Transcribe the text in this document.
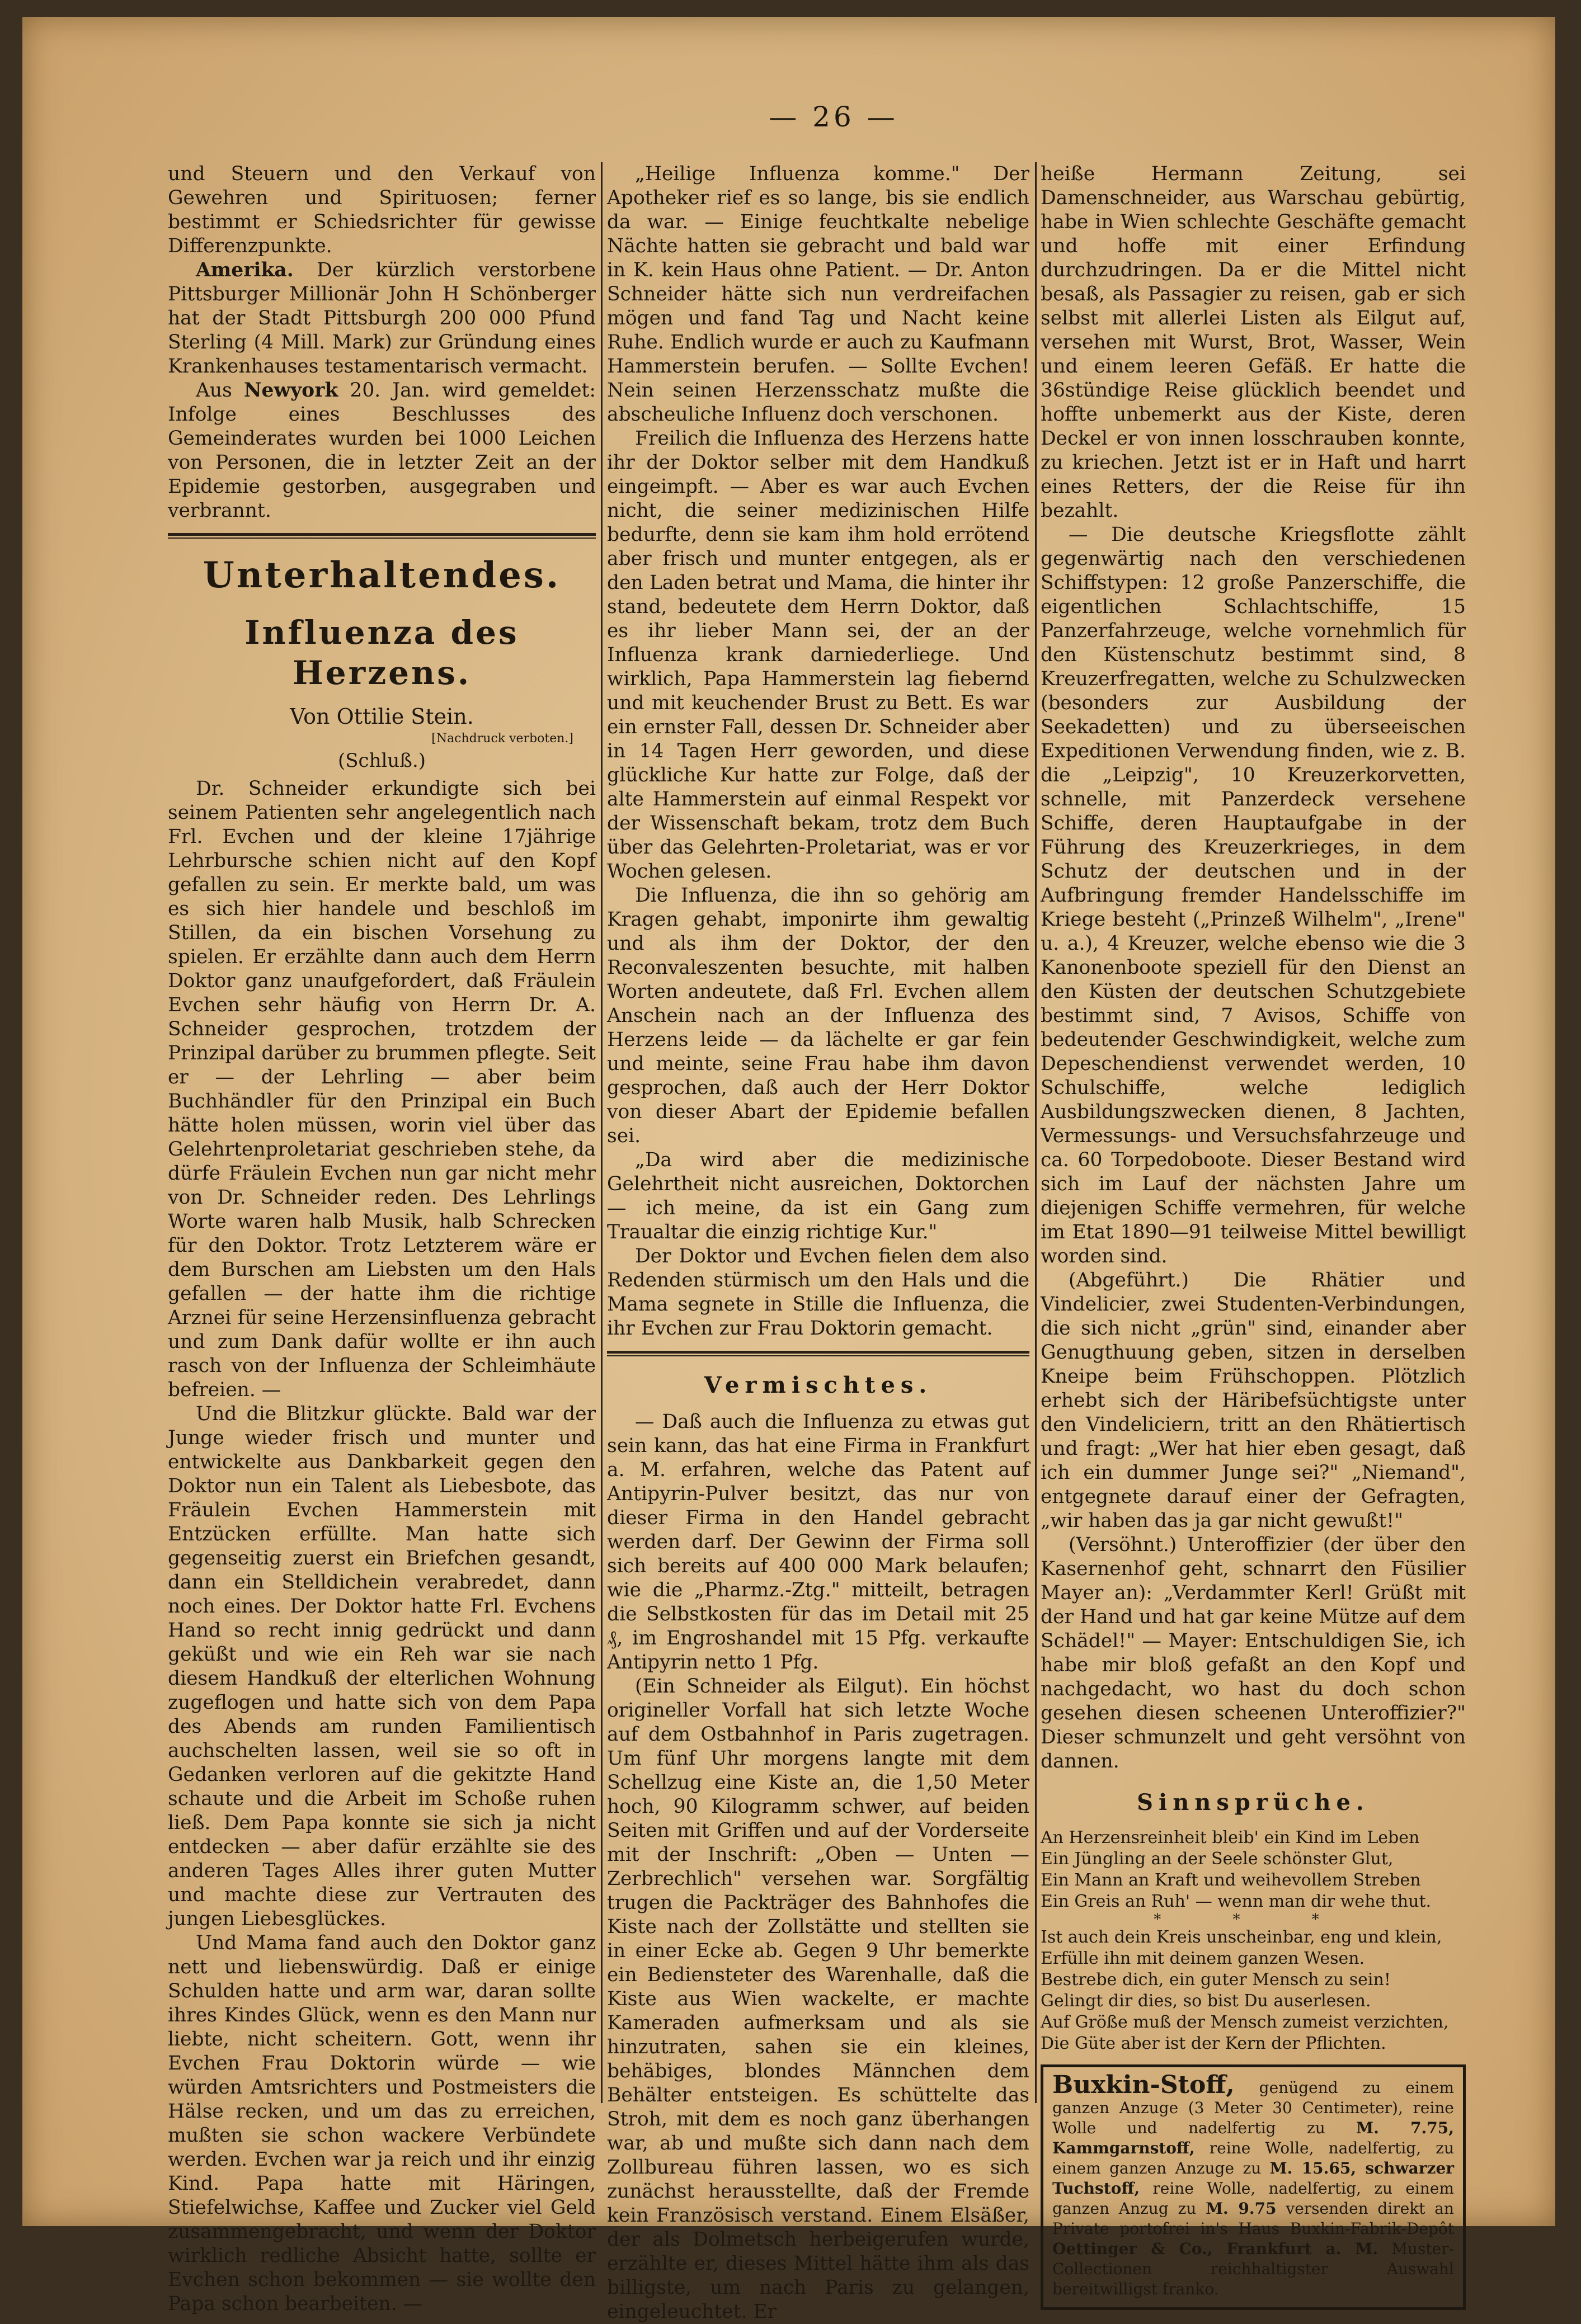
— 26 —

und Steuern und den Verkauf von Gewehren und Spirituosen; ferner bestimmt er Schiedsrichter für gewisse Differenzpunkte.

Amerika. Der kürzlich verstorbene Pittsburger Millionär John H Schönberger hat der Stadt Pittsburgh 200 000 Pfund Sterling (4 Mill. Mark) zur Gründung eines Krankenhauses testamentarisch vermacht.

Aus Newyork 20. Jan. wird gemeldet: Infolge eines Beschlusses des Gemeinderates wurden bei 1000 Leichen von Personen, die in letzter Zeit an der Epidemie gestorben, ausgegraben und verbrannt.

Unterhaltendes.
Influenza des Herzens.
Von Ottilie Stein.
[Nachdruck verboten.]
(Schluß.)

Dr. Schneider erkundigte sich bei seinem Patienten sehr angelegentlich nach Frl. Evchen und der kleine 17jährige Lehrbursche schien nicht auf den Kopf gefallen zu sein. Er merkte bald, um was es sich hier handele und beschloß im Stillen, da ein bischen Vorsehung zu spielen. Er erzählte dann auch dem Herrn Doktor ganz unaufgefordert, daß Fräulein Evchen sehr häufig von Herrn Dr. A. Schneider gesprochen, trotzdem der Prinzipal darüber zu brummen pflegte. Seit er — der Lehrling — aber beim Buchhändler für den Prinzipal ein Buch hätte holen müssen, worin viel über das Gelehrtenproletariat geschrieben stehe, da dürfe Fräulein Evchen nun gar nicht mehr von Dr. Schneider reden. Des Lehrlings Worte waren halb Musik, halb Schrecken für den Doktor. Trotz Letzterem wäre er dem Burschen am Liebsten um den Hals gefallen — der hatte ihm die richtige Arznei für seine Herzensinfluenza gebracht und zum Dank dafür wollte er ihn auch rasch von der Influenza der Schleimhäute befreien. —

Und die Blitzkur glückte. Bald war der Junge wieder frisch und munter und entwickelte aus Dankbarkeit gegen den Doktor nun ein Talent als Liebesbote, das Fräulein Evchen Hammerstein mit Entzücken erfüllte. Man hatte sich gegenseitig zuerst ein Briefchen gesandt, dann ein Stelldichein verabredet, dann noch eines. Der Doktor hatte Frl. Evchens Hand so recht innig gedrückt und dann geküßt und wie ein Reh war sie nach diesem Handkuß der elterlichen Wohnung zugeflogen und hatte sich von dem Papa des Abends am runden Familientisch auchschelten lassen, weil sie so oft in Gedanken verloren auf die gekitzte Hand schaute und die Arbeit im Schoße ruhen ließ. Dem Papa konnte sie sich ja nicht entdecken — aber dafür erzählte sie des anderen Tages Alles ihrer guten Mutter und machte diese zur Vertrauten des jungen Liebesglückes.

Und Mama fand auch den Doktor ganz nett und liebenswürdig. Daß er einige Schulden hatte und arm war, daran sollte ihres Kindes Glück, wenn es den Mann nur liebte, nicht scheitern. Gott, wenn ihr Evchen Frau Doktorin würde — wie würden Amtsrichters und Postmeisters die Hälse recken, und um das zu erreichen, mußten sie schon wackere Verbündete werden. Evchen war ja reich und ihr einzig Kind. Papa hatte mit Häringen, Stiefelwichse, Kaffee und Zucker viel Geld zusammengebracht, und wenn der Doktor wirklich redliche Absicht hatte, sollte er Evchen schon bekommen — sie wollte den Papa schon bearbeiten. —

„Heilige Influenza komme." Der Apotheker rief es so lange, bis sie endlich da war. — Einige feuchtkalte nebelige Nächte hatten sie gebracht und bald war in K. kein Haus ohne Patient. — Dr. Anton Schneider hätte sich nun verdreifachen mögen und fand Tag und Nacht keine Ruhe. Endlich wurde er auch zu Kaufmann Hammerstein berufen. — Sollte Evchen! Nein seinen Herzensschatz mußte die abscheuliche Influenz doch verschonen.

Freilich die Influenza des Herzens hatte ihr der Doktor selber mit dem Handkuß eingeimpft. — Aber es war auch Evchen nicht, die seiner medizinischen Hilfe bedurfte, denn sie kam ihm hold errötend aber frisch und munter entgegen, als er den Laden betrat und Mama, die hinter ihr stand, bedeutete dem Herrn Doktor, daß es ihr lieber Mann sei, der an der Influenza krank darniederliege. Und wirklich, Papa Hammerstein lag fiebernd und mit keuchender Brust zu Bett. Es war ein ernster Fall, dessen Dr. Schneider aber in 14 Tagen Herr geworden, und diese glückliche Kur hatte zur Folge, daß der alte Hammerstein auf einmal Respekt vor der Wissenschaft bekam, trotz dem Buch über das Gelehrten-Proletariat, was er vor Wochen gelesen.

Die Influenza, die ihn so gehörig am Kragen gehabt, imponirte ihm gewaltig und als ihm der Doktor, der den Reconvaleszenten besuchte, mit halben Worten andeutete, daß Frl. Evchen allem Anschein nach an der Influenza des Herzens leide — da lächelte er gar fein und meinte, seine Frau habe ihm davon gesprochen, daß auch der Herr Doktor von dieser Abart der Epidemie befallen sei.

„Da wird aber die medizinische Gelehrtheit nicht ausreichen, Doktorchen — ich meine, da ist ein Gang zum Traualtar die einzig richtige Kur."

Der Doktor und Evchen fielen dem also Redenden stürmisch um den Hals und die Mama segnete in Stille die Influenza, die ihr Evchen zur Frau Doktorin gemacht.

Vermischtes.

— Daß auch die Influenza zu etwas gut sein kann, das hat eine Firma in Frankfurt a. M. erfahren, welche das Patent auf Antipyrin-Pulver besitzt, das nur von dieser Firma in den Handel gebracht werden darf. Der Gewinn der Firma soll sich bereits auf 400 000 Mark belaufen; wie die „Pharmz.-Ztg." mitteilt, betragen die Selbstkosten für das im Detail mit 25 ₰, im Engroshandel mit 15 Pfg. verkaufte Antipyrin netto 1 Pfg.

(Ein Schneider als Eilgut). Ein höchst origineller Vorfall hat sich letzte Woche auf dem Ostbahnhof in Paris zugetragen. Um fünf Uhr morgens langte mit dem Schellzug eine Kiste an, die 1,50 Meter hoch, 90 Kilogramm schwer, auf beiden Seiten mit Griffen und auf der Vorderseite mit der Inschrift: „Oben — Unten — Zerbrechlich" versehen war. Sorgfältig trugen die Packträger des Bahnhofes die Kiste nach der Zollstätte und stellten sie in einer Ecke ab. Gegen 9 Uhr bemerkte ein Bediensteter des Warenhalle, daß die Kiste aus Wien wackelte, er machte Kameraden aufmerksam und als sie hinzutraten, sahen sie ein kleines, behäbiges, blondes Männchen dem Behälter entsteigen. Es schüttelte das Stroh, mit dem es noch ganz überhangen war, ab und mußte sich dann nach dem Zollbureau führen lassen, wo es sich zunächst herausstellte, daß der Fremde kein Französisch verstand. Einem Elsäßer, der als Dolmetsch herbeigerufen wurde, erzählte er, dieses Mittel hätte ihm als das billigste, um nach Paris zu gelangen, eingeleuchtet. Er

heiße Hermann Zeitung, sei Damenschneider, aus Warschau gebürtig, habe in Wien schlechte Geschäfte gemacht und hoffe mit einer Erfindung durchzudringen. Da er die Mittel nicht besaß, als Passagier zu reisen, gab er sich selbst mit allerlei Listen als Eilgut auf, versehen mit Wurst, Brot, Wasser, Wein und einem leeren Gefäß. Er hatte die 36stündige Reise glücklich beendet und hoffte unbemerkt aus der Kiste, deren Deckel er von innen losschrauben konnte, zu kriechen. Jetzt ist er in Haft und harrt eines Retters, der die Reise für ihn bezahlt.

— Die deutsche Kriegsflotte zählt gegenwärtig nach den verschiedenen Schiffstypen: 12 große Panzerschiffe, die eigentlichen Schlachtschiffe, 15 Panzerfahrzeuge, welche vornehmlich für den Küstenschutz bestimmt sind, 8 Kreuzerfregatten, welche zu Schulzwecken (besonders zur Ausbildung der Seekadetten) und zu überseeischen Expeditionen Verwendung finden, wie z. B. die „Leipzig", 10 Kreuzerkorvetten, schnelle, mit Panzerdeck versehene Schiffe, deren Hauptaufgabe in der Führung des Kreuzerkrieges, in dem Schutz der deutschen und in der Aufbringung fremder Handelsschiffe im Kriege besteht („Prinzeß Wilhelm", „Irene" u. a.), 4 Kreuzer, welche ebenso wie die 3 Kanonenboote speziell für den Dienst an den Küsten der deutschen Schutzgebiete bestimmt sind, 7 Avisos, Schiffe von bedeutender Geschwindigkeit, welche zum Depeschendienst verwendet werden, 10 Schulschiffe, welche lediglich Ausbildungszwecken dienen, 8 Jachten, Vermessungs- und Versuchsfahrzeuge und ca. 60 Torpedoboote. Dieser Bestand wird sich im Lauf der nächsten Jahre um diejenigen Schiffe vermehren, für welche im Etat 1890—91 teilweise Mittel bewilligt worden sind.

(Abgeführt.) Die Rhätier und Vindelicier, zwei Studenten-Verbindungen, die sich nicht „grün" sind, einander aber Genugthuung geben, sitzen in derselben Kneipe beim Frühschoppen. Plötzlich erhebt sich der Häribefsüchtigste unter den Vindeliciern, tritt an den Rhätiertisch und fragt: „Wer hat hier eben gesagt, daß ich ein dummer Junge sei?" „Niemand", entgegnete darauf einer der Gefragten, „wir haben das ja gar nicht gewußt!"

(Versöhnt.) Unteroffizier (der über den Kasernenhof geht, schnarrt den Füsilier Mayer an): „Verdammter Kerl! Grüßt mit der Hand und hat gar keine Mütze auf dem Schädel!" — Mayer: Entschuldigen Sie, ich habe mir bloß gefaßt an den Kopf und nachgedacht, wo hast du doch schon gesehen diesen scheenen Unteroffizier?" Dieser schmunzelt und geht versöhnt von dannen.

Sinnsprüche.

An Herzensreinheit bleib' ein Kind im Leben

Ein Jüngling an der Seele schönster Glut,

Ein Mann an Kraft und weihevollem Streben

Ein Greis an Ruh' — wenn man dir wehe thut.

* * *

Ist auch dein Kreis unscheinbar, eng und klein,

Erfülle ihn mit deinem ganzen Wesen.

Bestrebe dich, ein guter Mensch zu sein!

Gelingt dir dies, so bist Du auserlesen.

Auf Größe muß der Mensch zumeist verzichten,

Die Güte aber ist der Kern der Pflichten.

Buxkin-Stoff, genügend zu einem ganzen Anzuge (3 Meter 30 Centimeter), reine Wolle und nadelfertig zu M. 7.75, Kammgarnstoff, reine Wolle, nadelfertig, zu einem ganzen Anzuge zu M. 15.65, schwarzer Tuchstoff, reine Wolle, nadelfertig, zu einem ganzen Anzug zu M. 9.75 versenden direkt an Private portofrei in's Haus Buxkin-Fabrik-Depôt Oettinger & Co., Frankfurt a. M. Muster-Collectionen reichhaltigster Auswahl bereitwilligst franko.
